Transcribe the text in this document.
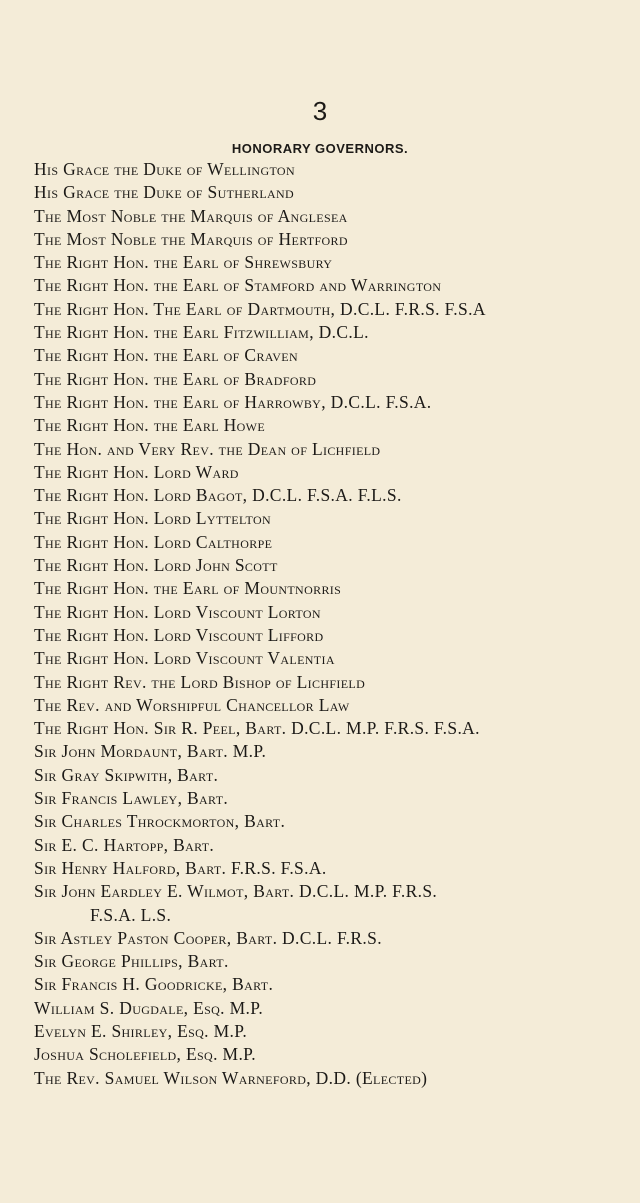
3
HONORARY GOVERNORS.
His Grace the Duke of Wellington
His Grace the Duke of Sutherland
The Most Noble the Marquis of Anglesea
The Most Noble the Marquis of Hertford
The Right Hon. the Earl of Shrewsbury
The Right Hon. the Earl of Stamford and Warrington
The Right Hon. The Earl of Dartmouth, D.C.L. F.R.S. F.S.A
The Right Hon. the Earl Fitzwilliam, D.C.L.
The Right Hon. the Earl of Craven
The Right Hon. the Earl of Bradford
The Right Hon. the Earl of Harrowby, D.C.L. F.S.A.
The Right Hon. the Earl Howe
The Hon. and Very Rev. the Dean of Lichfield
The Right Hon. Lord Ward
The Right Hon. Lord Bagot, D.C.L. F.S.A. F.L.S.
The Right Hon. Lord Lyttelton
The Right Hon. Lord Calthorpe
The Right Hon. Lord John Scott
The Right Hon. the Earl of Mountnorris
The Right Hon. Lord Viscount Lorton
The Right Hon. Lord Viscount Lifford
The Right Hon. Lord Viscount Valentia
The Right Rev. the Lord Bishop of Lichfield
The Rev. and Worshipful Chancellor Law
The Right Hon. Sir R. Peel, Bart. D.C.L. M.P. F.R.S. F.S.A.
Sir John Mordaunt, Bart. M.P.
Sir Gray Skipwith, Bart.
Sir Francis Lawley, Bart.
Sir Charles Throckmorton, Bart.
Sir E. C. Hartopp, Bart.
Sir Henry Halford, Bart. F.R.S. F.S.A.
Sir John Eardley E. Wilmot, Bart. D.C.L. M.P. F.R.S.
F.S.A. L.S.
Sir Astley Paston Cooper, Bart. D.C.L. F.R.S.
Sir George Phillips, Bart.
Sir Francis H. Goodricke, Bart.
William S. Dugdale, Esq. M.P.
Evelyn E. Shirley, Esq. M.P.
Joshua Scholefield, Esq. M.P.
The Rev. Samuel Wilson Warneford, D.D. (Elected)
